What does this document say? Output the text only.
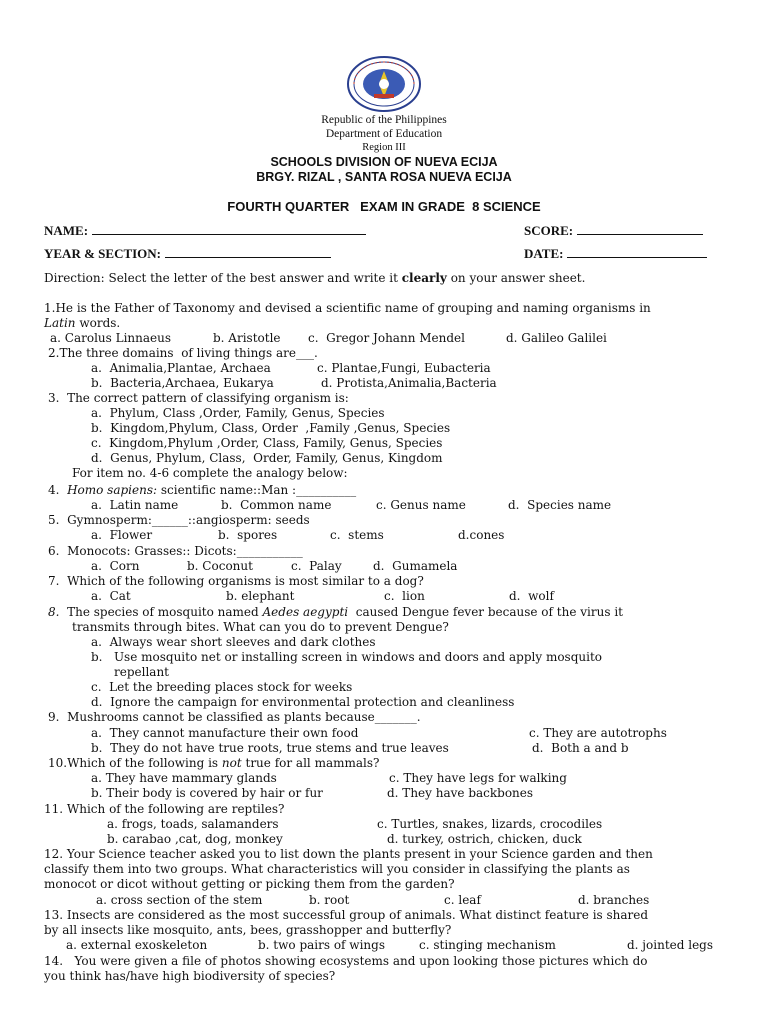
Republic of the Philippines
Department of Education
Region III
SCHOOLS DIVISION OF NUEVA ECIJA
BRGY. RIZAL , SANTA ROSA NUEVA ECIJA
FOURTH QUARTER   EXAM IN GRADE  8 SCIENCE
NAME:	SCORE:
YEAR & SECTION:	DATE:
Direction: Select the letter of the best answer and write it clearly on your answer sheet.
1.He is the Father of Taxonomy and devised a scientific name of grouping and naming organisms in
Latin words.
a. Carolus Linnaeus	b. Aristotle c.  Gregor Johann Mendel	d. Galileo Galilei
2.The three domains  of living things are___.
a.  Animalia,Plantae, Archaea	c. Plantae,Fungi, Eubacteria
b.  Bacteria,Archaea, Eukarya	d. Protista,Animalia,Bacteria
3.  The correct pattern of classifying organism is:
a.  Phylum, Class ,Order, Family, Genus, Species
b.  Kingdom,Phylum, Class, Order  ,Family ,Genus, Species
c.  Kingdom,Phylum ,Order, Class, Family, Genus, Species
d.  Genus, Phylum, Class,  Order, Family, Genus, Kingdom
For item no. 4-6 complete the analogy below:
4.  Homo sapiens: scientific name::Man :__________
a.  Latin name	b.  Common name	c. Genus name	d.  Species name
5.  Gymnosperm:______::angiosperm: seeds
a.  Flower	b.  spores	c.  stems	d.cones
6.  Monocots: Grasses:: Dicots:___________
a.  Corn	b. Coconut	c.  Palay	d.  Gumamela
7.  Which of the following organisms is most similar to a dog?
a.  Cat	b. elephant	c.  lion	d.  wolf
8.  The species of mosquito named Aedes aegypti  caused Dengue fever because of the virus it
transmits through bites. What can you do to prevent Dengue?
a.  Always wear short sleeves and dark clothes
b.   Use mosquito net or installing screen in windows and doors and apply mosquito
repellant
c.  Let the breeding places stock for weeks
d.  Ignore the campaign for environmental protection and cleanliness
9.  Mushrooms cannot be classified as plants because_______.
a.  They cannot manufacture their own food	c. They are autotrophs
b.  They do not have true roots, true stems and true leaves	d.  Both a and b
10.Which of the following is not true for all mammals?
a. They have mammary glands	c. They have legs for walking
b. Their body is covered by hair or fur	d. They have backbones
11. Which of the following are reptiles?
a. frogs, toads, salamanders	c. Turtles, snakes, lizards, crocodiles
b. carabao ,cat, dog, monkey	d. turkey, ostrich, chicken, duck
12. Your Science teacher asked you to list down the plants present in your Science garden and then
classify them into two groups. What characteristics will you consider in classifying the plants as
monocot or dicot without getting or picking them from the garden?
a. cross section of the stem	b. root	c. leaf	d. branches
13. Insects are considered as the most successful group of animals. What distinct feature is shared
by all insects like mosquito, ants, bees, grasshopper and butterfly?
a. external exoskeleton	b. two pairs of wings	c. stinging mechanism	d. jointed legs
14.   You were given a file of photos showing ecosystems and upon looking those pictures which do
you think has/have high biodiversity of species?
